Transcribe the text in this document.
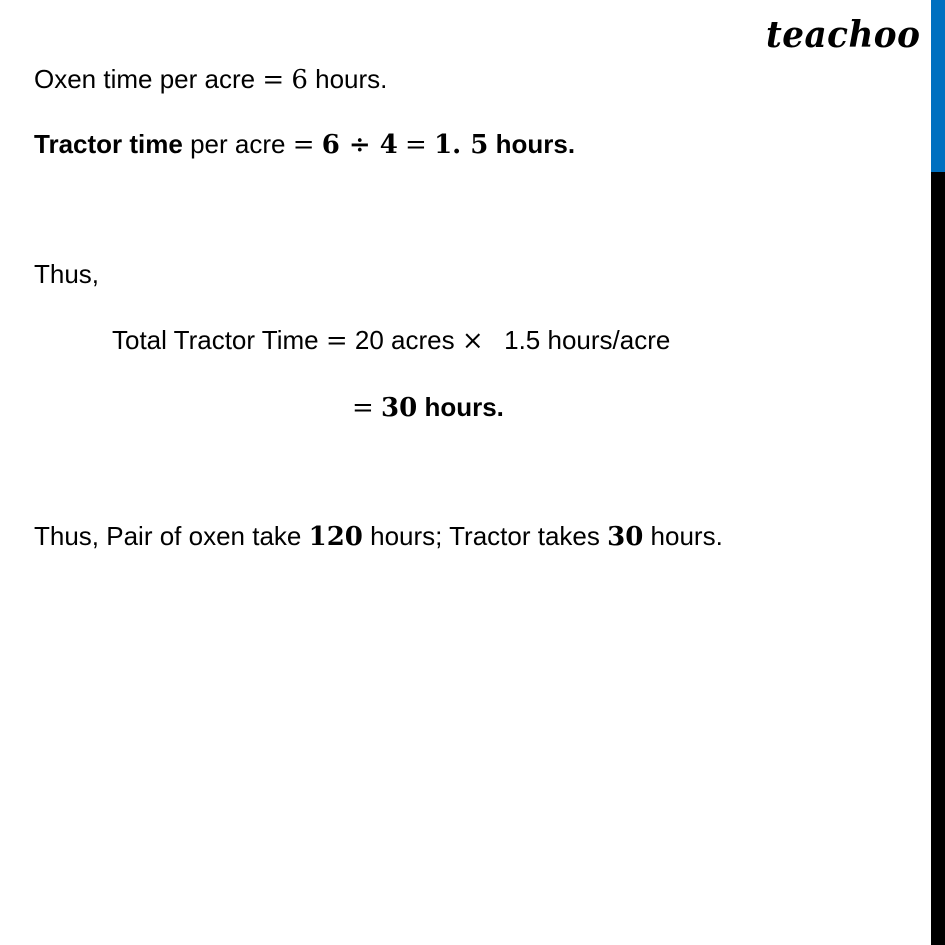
teachoo
Oxen time per acre = 6 hours.
Tractor time per acre = 6 ÷ 4 = 1. 5 hours.
Thus,
Total Tractor Time = 20 acres × 1.5 hours/acre
= 30 hours.
Thus, Pair of oxen take 120 hours; Tractor takes 30 hours.
